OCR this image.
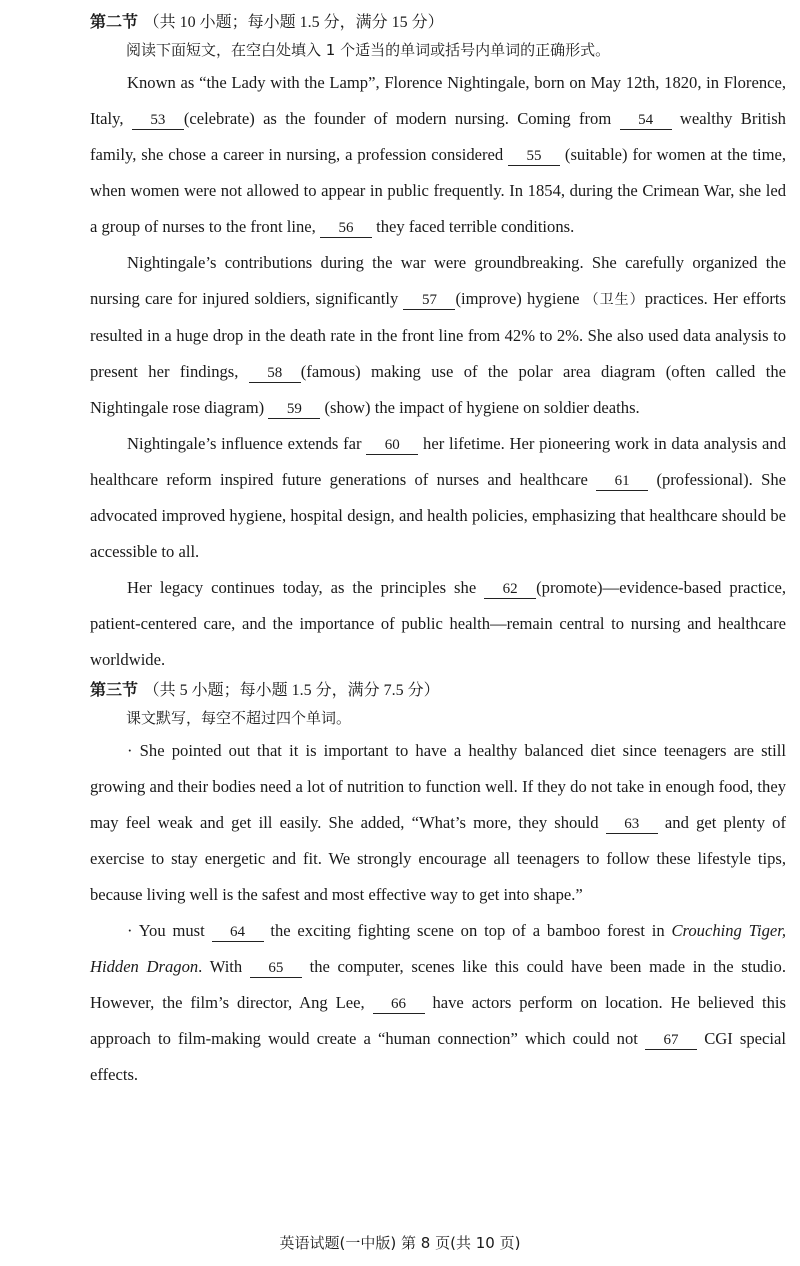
第二节 （共 10 小题；每小题 1.5 分，满分 15 分）
阅读下面短文，在空白处填入 1 个适当的单词或括号内单词的正确形式。

Known as “the Lady with the Lamp”, Florence Nightingale, born on May 12th, 1820, in Florence, Italy, 53 (celebrate) as the founder of modern nursing. Coming from 54 wealthy British family, she chose a career in nursing, a profession considered 55 (suitable) for women at the time, when women were not allowed to appear in public frequently. In 1854, during the Crimean War, she led a group of nurses to the front line, 56 they faced terrible conditions.

Nightingale’s contributions during the war were groundbreaking. She carefully organized the nursing care for injured soldiers, significantly 57 (improve) hygiene （卫生）practices. Her efforts resulted in a huge drop in the death rate in the front line from 42% to 2%. She also used data analysis to present her findings, 58 (famous) making use of the polar area diagram (often called the Nightingale rose diagram) 59 (show) the impact of hygiene on soldier deaths.

Nightingale’s influence extends far 60 her lifetime. Her pioneering work in data analysis and healthcare reform inspired future generations of nurses and healthcare 61 (professional). She advocated improved hygiene, hospital design, and health policies, emphasizing that healthcare should be accessible to all.

Her legacy continues today, as the principles she 62 (promote)—evidence-based practice, patient-centered care, and the importance of public health—remain central to nursing and healthcare worldwide.

第三节 （共 5 小题；每小题 1.5 分，满分 7.5 分）
课文默写，每空不超过四个单词。

· She pointed out that it is important to have a healthy balanced diet since teenagers are still growing and their bodies need a lot of nutrition to function well. If they do not take in enough food, they may feel weak and get ill easily. She added, “What’s more, they should 63 and get plenty of exercise to stay energetic and fit. We strongly encourage all teenagers to follow these lifestyle tips, because living well is the safest and most effective way to get into shape.”

· You must 64 the exciting fighting scene on top of a bamboo forest in Crouching Tiger, Hidden Dragon. With 65 the computer, scenes like this could have been made in the studio. However, the film’s director, Ang Lee, 66 have actors perform on location. He believed this approach to film-making would create a “human connection” which could not 67 CGI special effects.

英语试题(一中版) 第 8 页(共 10 页)
